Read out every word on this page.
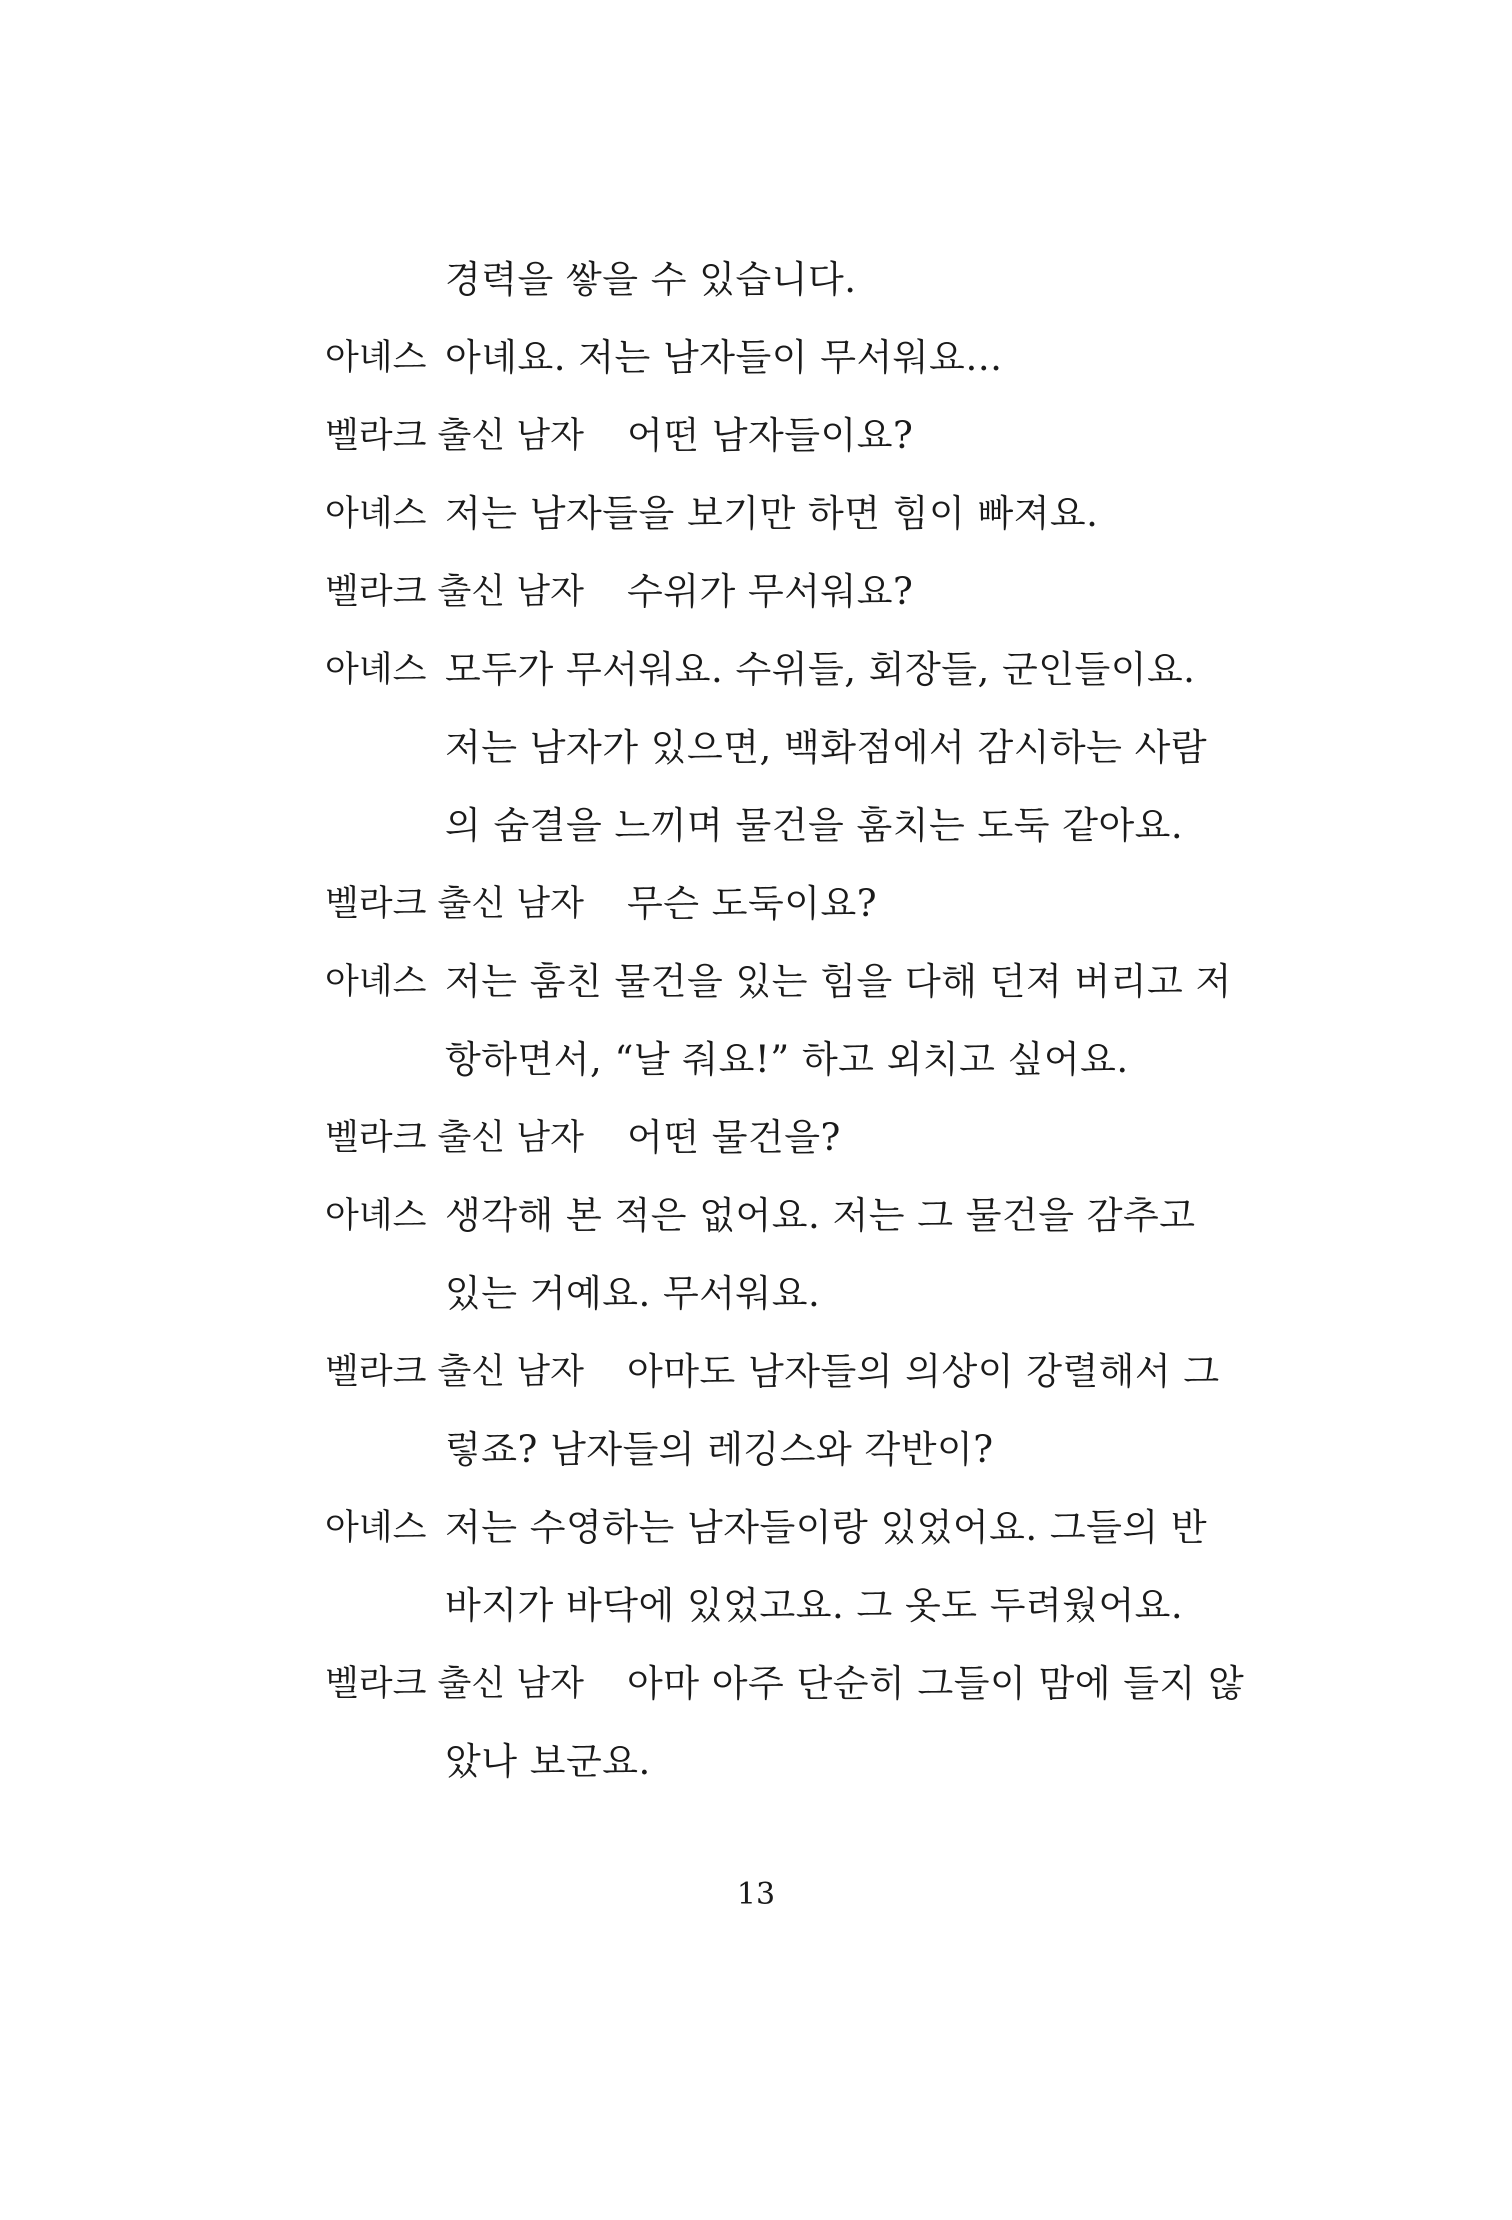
경력을 쌓을 수 있습니다.
아녜스 아녜요. 저는 남자들이 무서워요…
벨라크 출신 남자 어떤 남자들이요?
아녜스 저는 남자들을 보기만 하면 힘이 빠져요.
벨라크 출신 남자 수위가 무서워요?
아녜스 모두가 무서워요. 수위들, 회장들, 군인들이요.
저는 남자가 있으면, 백화점에서 감시하는 사람
의 숨결을 느끼며 물건을 훔치는 도둑 같아요.
벨라크 출신 남자 무슨 도둑이요?
아녜스 저는 훔친 물건을 있는 힘을 다해 던져 버리고 저
항하면서, “날 줘요!” 하고 외치고 싶어요.
벨라크 출신 남자 어떤 물건을?
아녜스 생각해 본 적은 없어요. 저는 그 물건을 감추고
있는 거예요. 무서워요.
벨라크 출신 남자 아마도 남자들의 의상이 강렬해서 그
렇죠? 남자들의 레깅스와 각반이?
아녜스 저는 수영하는 남자들이랑 있었어요. 그들의 반
바지가 바닥에 있었고요. 그 옷도 두려웠어요.
벨라크 출신 남자 아마 아주 단순히 그들이 맘에 들지 않
았나 보군요.
13
